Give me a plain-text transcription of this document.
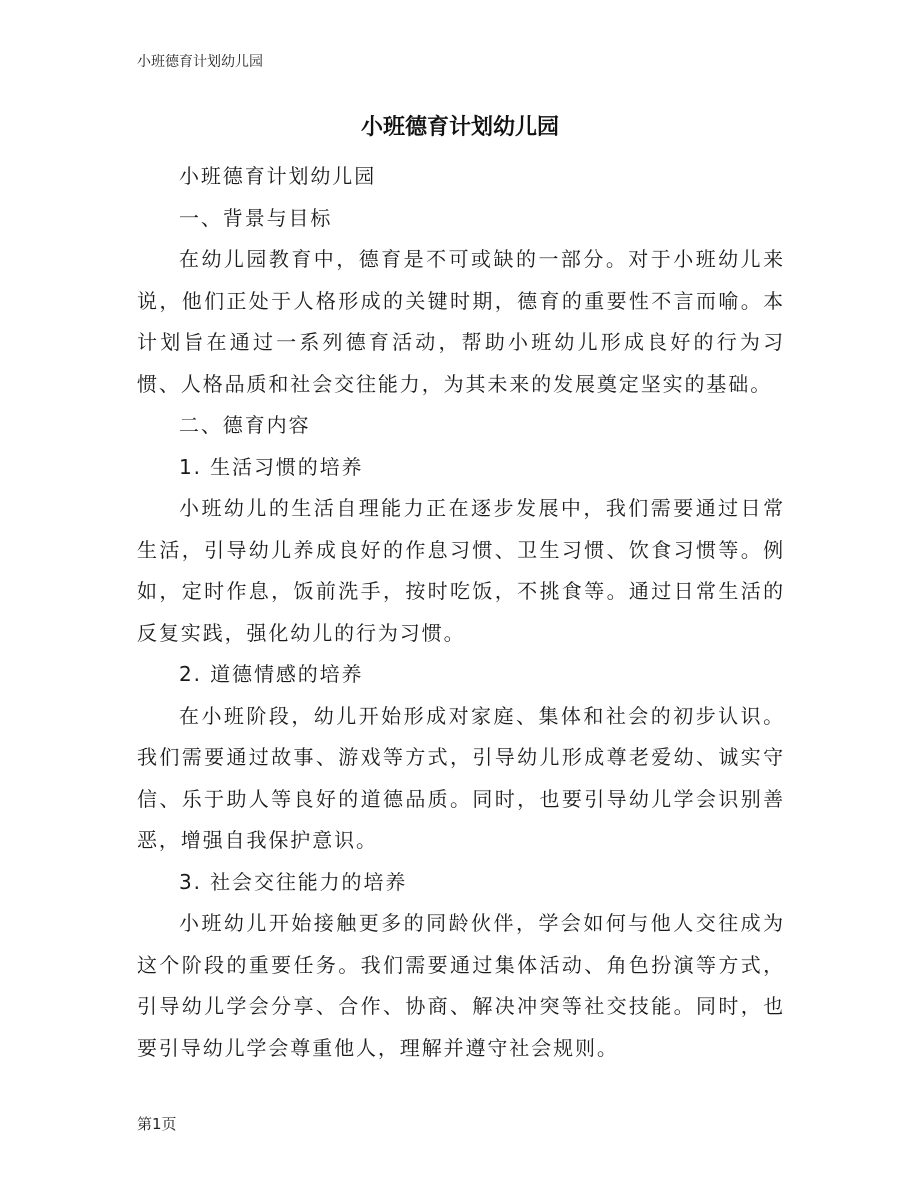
小班德育计划幼儿园
小班德育计划幼儿园

小班德育计划幼儿园

一、背景与目标

在幼儿园教育中，德育是不可或缺的一部分。对于小班幼儿来说，他们正处于人格形成的关键时期，德育的重要性不言而喻。本计划旨在通过一系列德育活动，帮助小班幼儿形成良好的行为习惯、人格品质和社会交往能力，为其未来的发展奠定坚实的基础。

二、德育内容

1. 生活习惯的培养

小班幼儿的生活自理能力正在逐步发展中，我们需要通过日常生活，引导幼儿养成良好的作息习惯、卫生习惯、饮食习惯等。例如，定时作息，饭前洗手，按时吃饭，不挑食等。通过日常生活的反复实践，强化幼儿的行为习惯。

2. 道德情感的培养

在小班阶段，幼儿开始形成对家庭、集体和社会的初步认识。我们需要通过故事、游戏等方式，引导幼儿形成尊老爱幼、诚实守信、乐于助人等良好的道德品质。同时，也要引导幼儿学会识别善恶，增强自我保护意识。

3. 社会交往能力的培养

小班幼儿开始接触更多的同龄伙伴，学会如何与他人交往成为这个阶段的重要任务。我们需要通过集体活动、角色扮演等方式，引导幼儿学会分享、合作、协商、解决冲突等社交技能。同时，也要引导幼儿学会尊重他人，理解并遵守社会规则。

第1页
